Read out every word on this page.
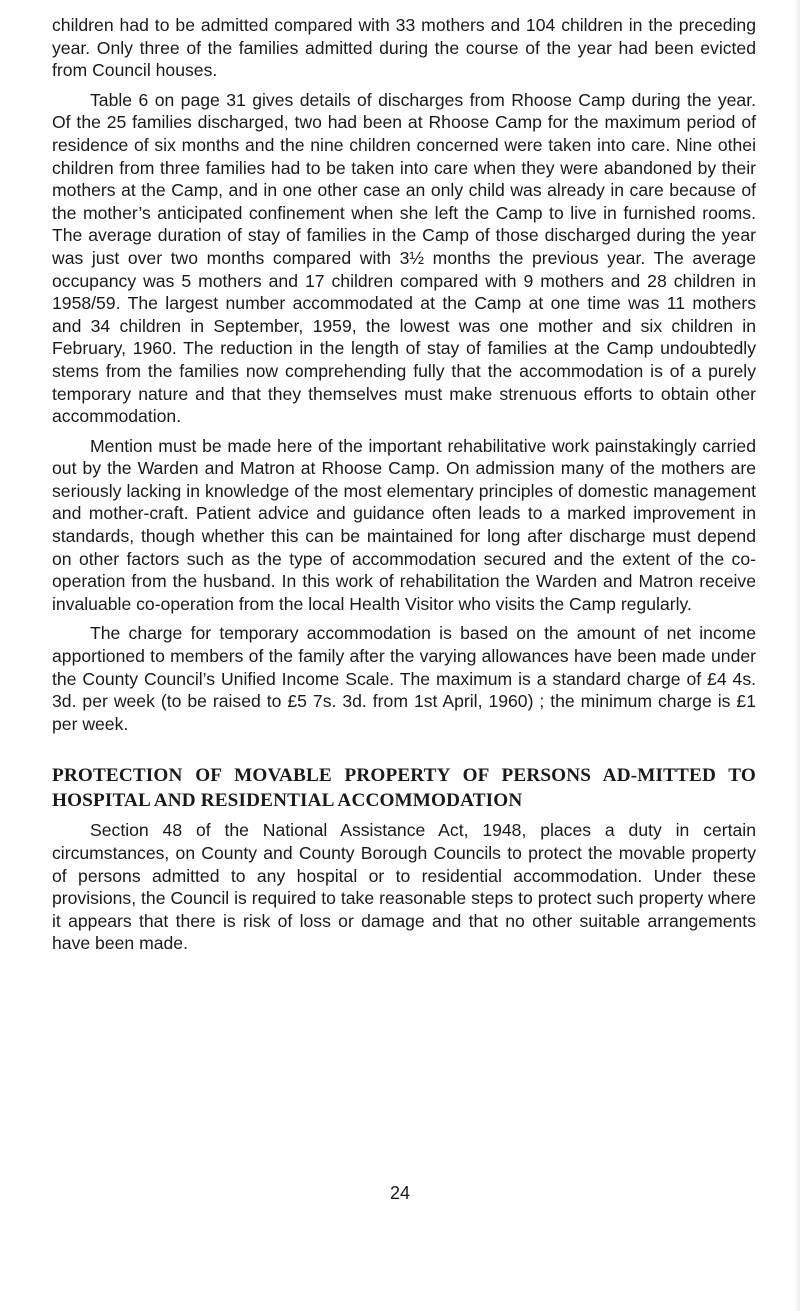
children had to be admitted compared with 33 mothers and 104 children in the preceding year. Only three of the families admitted during the course of the year had been evicted from Council houses.

Table 6 on page 31 gives details of discharges from Rhoose Camp during the year. Of the 25 families discharged, two had been at Rhoose Camp for the maximum period of residence of six months and the nine children concerned were taken into care. Nine othei children from three families had to be taken into care when they were abandoned by their mothers at the Camp, and in one other case an only child was already in care because of the mother’s anticipated confinement when she left the Camp to live in furnished rooms. The average duration of stay of families in the Camp of those discharged during the year was just over two months compared with 3½ months the previous year. The average occupancy was 5 mothers and 17 children compared with 9 mothers and 28 children in 1958/59. The largest number accommodated at the Camp at one time was 11 mothers and 34 children in September, 1959, the lowest was one mother and six children in February, 1960. The reduction in the length of stay of families at the Camp undoubtedly stems from the families now comprehending fully that the accommodation is of a purely temporary nature and that they themselves must make strenuous efforts to obtain other accommodation.

Mention must be made here of the important rehabilitative work painstakingly carried out by the Warden and Matron at Rhoose Camp. On admission many of the mothers are seriously lacking in knowledge of the most elementary principles of domestic management and mother-craft. Patient advice and guidance often leads to a marked improvement in standards, though whether this can be maintained for long after discharge must depend on other factors such as the type of accommodation secured and the extent of the co-operation from the husband. In this work of rehabilitation the Warden and Matron receive invaluable co-operation from the local Health Visitor who visits the Camp regularly.

The charge for temporary accommodation is based on the amount of net income apportioned to members of the family after the varying allowances have been made under the County Council’s Unified Income Scale. The maximum is a standard charge of £4 4s. 3d. per week (to be raised to £5 7s. 3d. from 1st April, 1960) ; the minimum charge is £1 per week.

PROTECTION OF MOVABLE PROPERTY OF PERSONS AD-MITTED TO HOSPITAL AND RESIDENTIAL ACCOMMODATION

Section 48 of the National Assistance Act, 1948, places a duty in certain circumstances, on County and County Borough Councils to protect the movable property of persons admitted to any hospital or to residential accommodation. Under these provisions, the Council is required to take reasonable steps to protect such property where it appears that there is risk of loss or damage and that no other suitable arrangements have been made.

24
